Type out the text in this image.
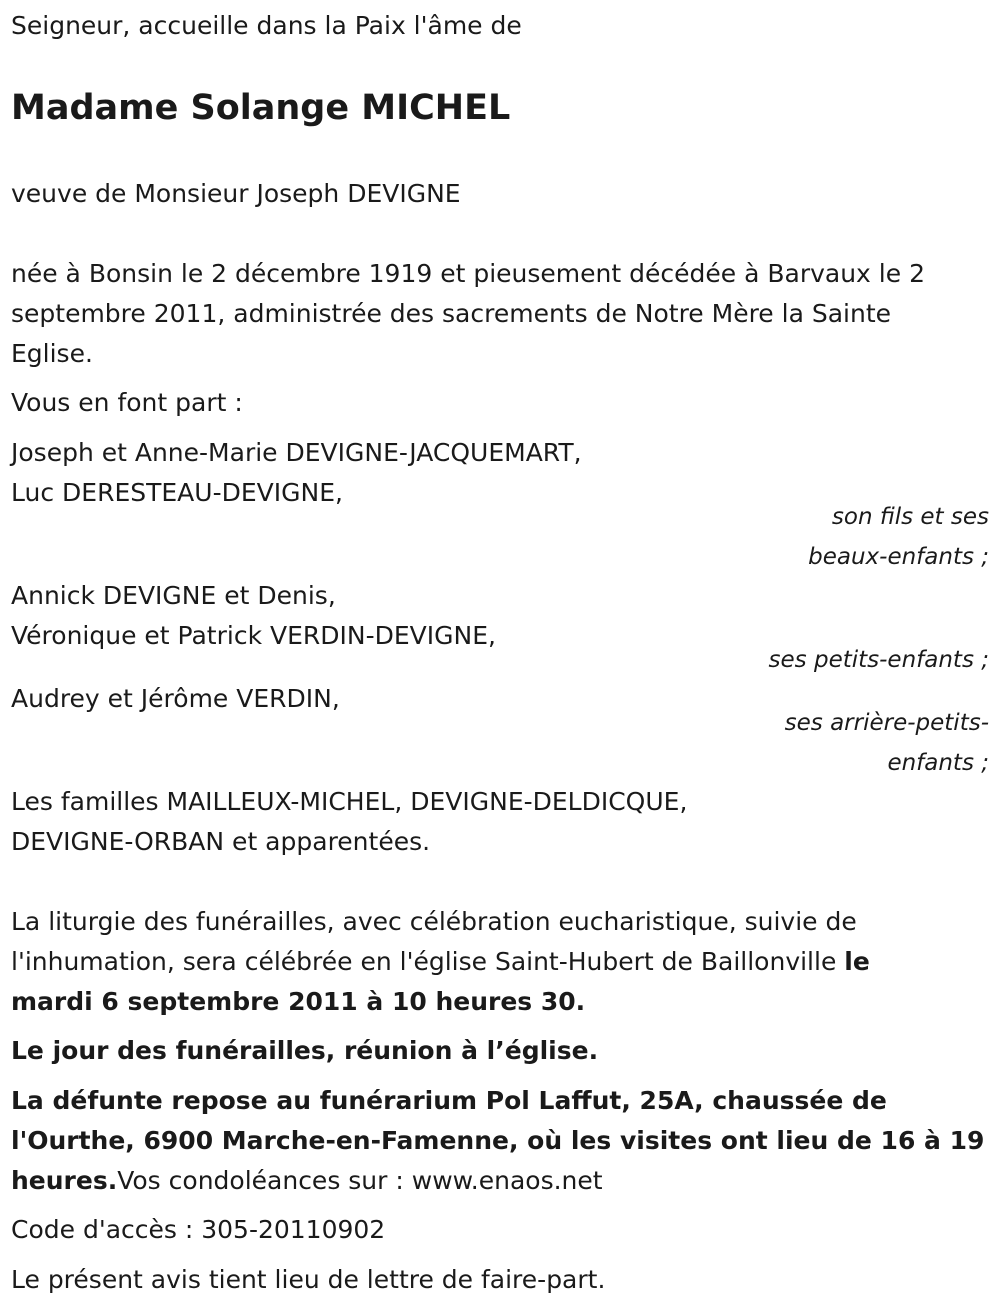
Seigneur, accueille dans la Paix l'âme de
Madame Solange MICHEL
veuve de Monsieur Joseph DEVIGNE
née à Bonsin le 2 décembre 1919 et pieusement décédée à Barvaux le 2
septembre 2011, administrée des sacrements de Notre Mère la Sainte
Eglise.
Vous en font part :
Joseph et Anne-Marie DEVIGNE-JACQUEMART,
Luc DERESTEAU-DEVIGNE,
son fils et ses
beaux-enfants ;
Annick DEVIGNE et Denis,
Véronique et Patrick VERDIN-DEVIGNE,
ses petits-enfants ;
Audrey et Jérôme VERDIN,
ses arrière-petits-
enfants ;
Les familles MAILLEUX-MICHEL, DEVIGNE-DELDICQUE,
DEVIGNE-ORBAN et apparentées.
La liturgie des funérailles, avec célébration eucharistique, suivie de
l'inhumation, sera célébrée en l'église Saint-Hubert de Baillonville le
mardi 6 septembre 2011 à 10 heures 30.
Le jour des funérailles, réunion à l’église.
La défunte repose au funérarium Pol Laffut, 25A, chaussée de
l'Ourthe, 6900 Marche-en-Famenne, où les visites ont lieu de 16 à 19
heures.Vos condoléances sur : www.enaos.net
Code d'accès : 305-20110902
Le présent avis tient lieu de lettre de faire-part.
